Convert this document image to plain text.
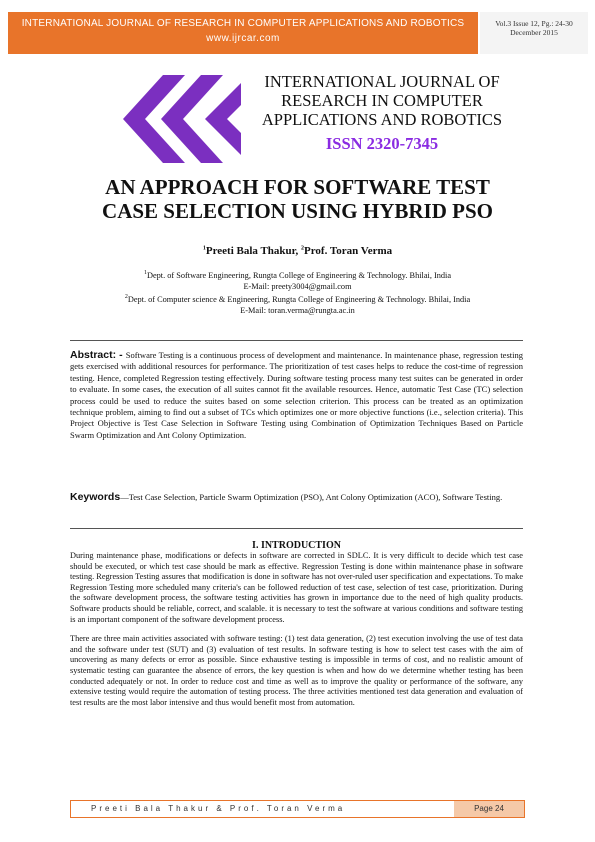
INTERNATIONAL JOURNAL OF RESEARCH IN COMPUTER APPLICATIONS AND ROBOTICS
www.ijrcar.com
Vol.3 Issue 12, Pg.: 24-30
December 2015
INTERNATIONAL JOURNAL OF
RESEARCH IN COMPUTER
APPLICATIONS AND ROBOTICS
ISSN 2320-7345
AN APPROACH FOR SOFTWARE TEST
CASE SELECTION USING HYBRID PSO
$^1$Preeti Bala Thakur, $^2$Prof. Toran Verma
$^1$Dept. of Software Engineering, Rungta College of Engineering & Technology. Bhilai, India
E-Mail: preety3004@gmail.com
$^2$Dept. of Computer science & Engineering, Rungta College of Engineering & Technology. Bhilai, India
E-Mail: toran.verma@rungta.ac.in
Abstract: - Software Testing is a continuous process of development and maintenance. In maintenance phase, regression testing gets exercised with additional resources for performance. The prioritization of test cases helps to reduce the cost-time of regression testing. Hence, completed Regression testing effectively. During software testing process many test suites can be generated in order to evaluate. In some cases, the execution of all suites cannot fit the available resources. Hence, automatic Test Case (TC) selection process could be used to reduce the suites based on some selection criterion. This process can be treated as an optimization technique problem, aiming to find out a subset of TCs which optimizes one or more objective functions (i.e., selection criteria). This Project Objective is Test Case Selection in Software Testing using Combination of Optimization Techniques Based on Particle Swarm Optimization and Ant Colony Optimization.
Keywords—Test Case Selection, Particle Swarm Optimization (PSO), Ant Colony Optimization (ACO), Software Testing.
I. INTRODUCTION

During maintenance phase, modifications or defects in software are corrected in SDLC. It is very difficult to decide which test case should be executed, or which test case should be mark as effective. Regression Testing is done within maintenance phase in software testing. Regression Testing assures that modification is done in software has not over-ruled user specification and expectations. To make Regression Testing more scheduled many criteria's can be followed reduction of test case, selection of test case, prioritization. During the software development process, the software testing activities has grown in importance due to the need of high quality products. Software products should be reliable, correct, and scalable. it is necessary to test the software at various conditions and software testing is an important component of the software development process.

There are three main activities associated with software testing: (1) test data generation, (2) test execution involving the use of test data and the software under test (SUT) and (3) evaluation of test results. In software testing is how to select test cases with the aim of uncovering as many defects or error as possible. Since exhaustive testing is impossible in terms of cost, and no realistic amount of systematic testing can guarantee the absence of errors, the key question is when and how do we determine whether testing has been conducted adequately or not. In order to reduce cost and time as well as to improve the quality or performance of the software, any extensive testing would require the automation of testing process. The three activities mentioned test data generation and evaluation of test results are the most labor intensive and thus would benefit most from automation.

Preeti Bala Thakur & Prof. Toran Verma	Page 24
